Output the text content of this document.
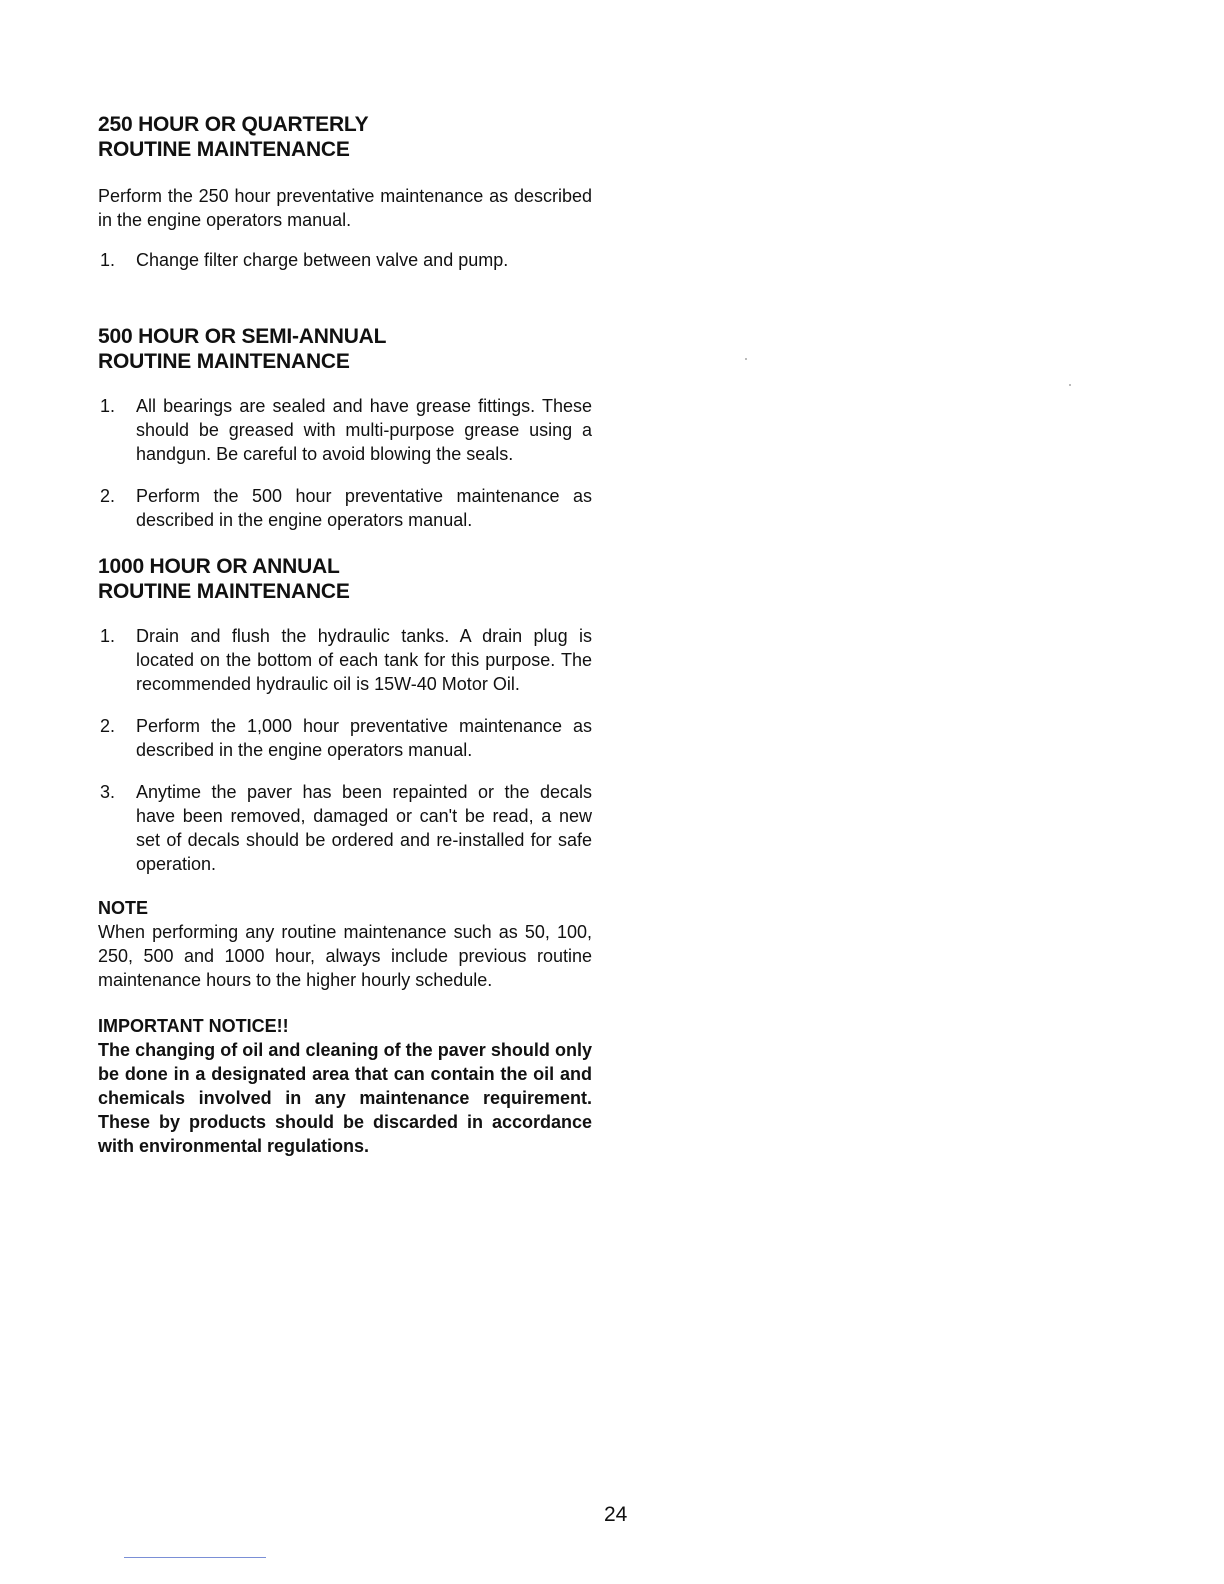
250 HOUR OR QUARTERLY
ROUTINE MAINTENANCE

Perform the 250 hour preventative maintenance as described in the engine operators manual.

1. Change filter charge between valve and pump.
500 HOUR OR SEMI-ANNUAL
ROUTINE MAINTENANCE
1. All bearings are sealed and have grease fittings. These should be greased with multi-purpose grease using a handgun. Be careful to avoid blowing the seals.
2. Perform the 500 hour preventative maintenance as described in the engine operators manual.
1000 HOUR OR ANNUAL
ROUTINE MAINTENANCE
1. Drain and flush the hydraulic tanks. A drain plug is located on the bottom of each tank for this purpose. The recommended hydraulic oil is 15W-40 Motor Oil.
2. Perform the 1,000 hour preventative maintenance as described in the engine operators manual.
3. Anytime the paver has been repainted or the decals have been removed, damaged or can't be read, a new set of decals should be ordered and re-installed for safe operation.
NOTE

When performing any routine maintenance such as 50, 100, 250, 500 and 1000 hour, always include previous routine maintenance hours to the higher hourly schedule.

IMPORTANT NOTICE!!

The changing of oil and cleaning of the paver should only be done in a designated area that can contain the oil and chemicals involved in any maintenance requirement. These by products should be discarded in accordance with environmental regulations.

24
